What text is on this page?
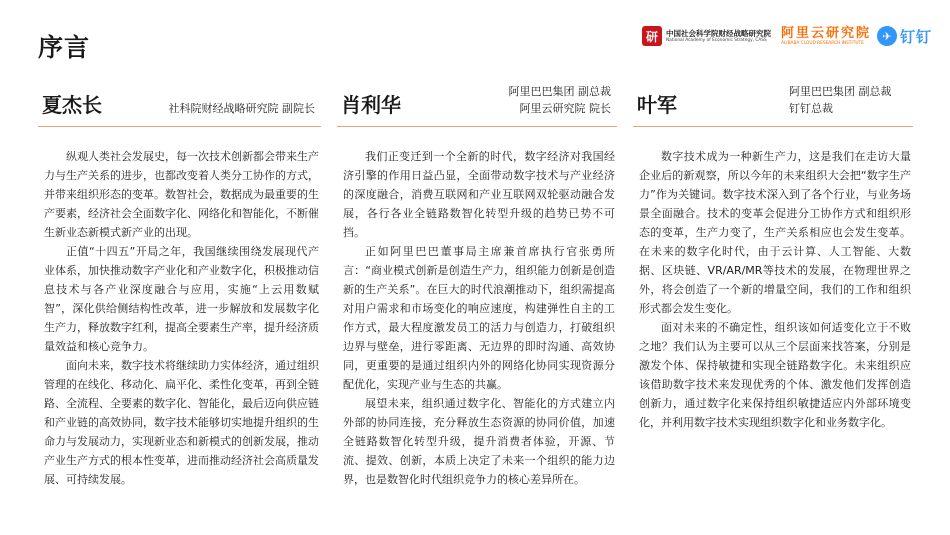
序言	研	中国社会科学院财经战略研究院
National Academy of Economic Strategy, CASS	阿里云研究院
ALIBABA CLOUD RESEARCH INSTITUTE
✈ 钉钉
夏杰长	社科院财经战略研究院 副院长

纵观人类社会发展史，每一次技术创新都会带来生产力与生产关系的进步，也都改变着人类分工协作的方式，并带来组织形态的变革。数智社会，数据成为最重要的生产要素，经济社会全面数字化、网络化和智能化，不断催生新业态新模式新产业的出现。

正值“十四五”开局之年，我国继续围绕发展现代产业体系，加快推动数字产业化和产业数字化，积极推动信息技术与各产业深度融合与应用，实施“上云用数赋智”，深化供给侧结构性改革，进一步解放和发展数字化生产力，释放数字红利，提高全要素生产率，提升经济质量效益和核心竞争力。

面向未来，数字技术将继续助力实体经济，通过组织管理的在线化、移动化、扁平化、柔性化变革，再到全链路、全流程、全要素的数字化、智能化，最后迈向供应链和产业链的高效协同，数字技术能够切实地提升组织的生命力与发展动力，实现新业态和新模式的创新发展，推动产业生产方式的根本性变革，进而推动经济社会高质量发展、可持续发展。

肖利华
阿里巴巴集团 副总裁
阿里云研究院 院长

我们正变迁到一个全新的时代，数字经济对我国经济引擎的作用日益凸显，全面带动数字技术与产业经济的深度融合，消费互联网和产业互联网双轮驱动融合发展，各行各业全链路数智化转型升级的趋势已势不可挡。

正如阿里巴巴董事局主席兼首席执行官张勇所言：“商业模式创新是创造生产力，组织能力创新是创造新的生产关系”。在巨大的时代浪潮推动下，组织需提高对用户需求和市场变化的响应速度，构建弹性自主的工作方式，最大程度激发员工的活力与创造力，打破组织边界与壁垒，进行零距离、无边界的即时沟通、高效协同，更重要的是通过组织内外的网络化协同实现资源分配优化，实现产业与生态的共赢。

展望未来，组织通过数字化、智能化的方式建立内外部的协同连接，充分释放生态资源的协同价值，加速全链路数智化转型升级，提升消费者体验，开源、节流、提效、创新，本质上决定了未来一个组织的能力边界，也是数智化时代组织竞争力的核心差异所在。

叶军
阿里巴巴集团 副总裁
钉钉总裁

数字技术成为一种新生产力，这是我们在走访大量企业后的新观察，所以今年的未来组织大会把“数字生产力”作为关键词。数字技术深入到了各个行业，与业务场景全面融合。技术的变革会促进分工协作方式和组织形态的变革，生产力变了，生产关系相应也会发生变革。在未来的数字化时代，由于云计算、人工智能、大数据、区块链、VR/AR/MR等技术的发展，在物理世界之外，将会创造了一个新的增量空间，我们的工作和组织形式都会发生变化。

面对未来的不确定性，组织该如何适变化立于不败之地？我们认为主要可以从三个层面来找答案，分别是激发个体、保持敏捷和实现全链路数字化。未来组织应该借助数字技术来发现优秀的个体、激发他们发挥创造创新力，通过数字化来保持组织敏捷适应内外部环境变化，并利用数字技术实现组织数字化和业务数字化。
